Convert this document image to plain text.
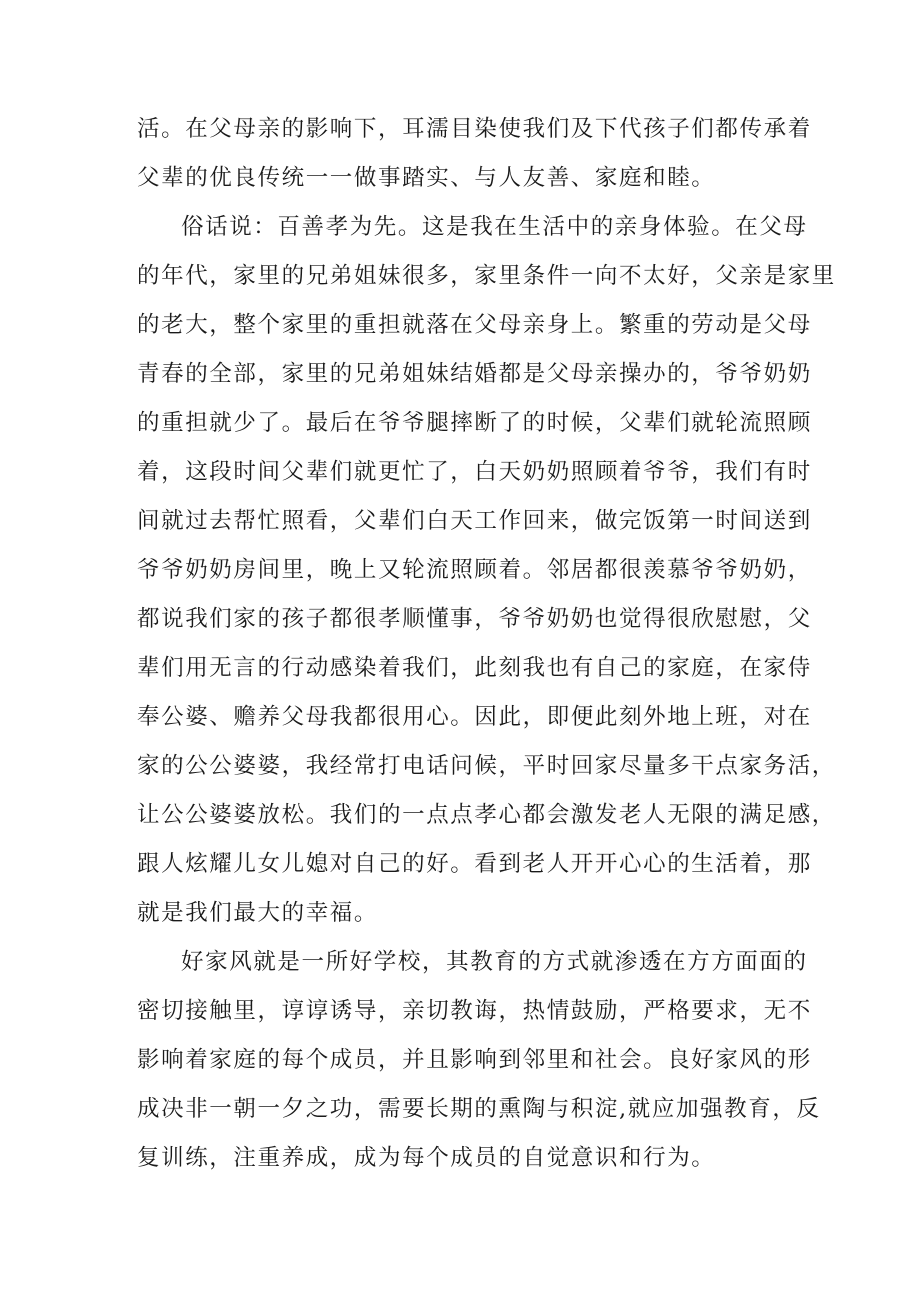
活。在父母亲的影响下，耳濡目染使我们及下代孩子们都传承着
父辈的优良传统一一做事踏实、与人友善、家庭和睦。
俗话说：百善孝为先。这是我在生活中的亲身体验。在父母
的年代，家里的兄弟姐妹很多，家里条件一向不太好，父亲是家里
的老大，整个家里的重担就落在父母亲身上。繁重的劳动是父母
青春的全部，家里的兄弟姐妹结婚都是父母亲操办的，爷爷奶奶
的重担就少了。最后在爷爷腿摔断了的时候，父辈们就轮流照顾
着，这段时间父辈们就更忙了，白天奶奶照顾着爷爷，我们有时
间就过去帮忙照看，父辈们白天工作回来，做完饭第一时间送到
爷爷奶奶房间里，晚上又轮流照顾着。邻居都很羡慕爷爷奶奶，
都说我们家的孩子都很孝顺懂事，爷爷奶奶也觉得很欣慰慰，父
辈们用无言的行动感染着我们，此刻我也有自己的家庭，在家侍
奉公婆、赡养父母我都很用心。因此，即便此刻外地上班，对在
家的公公婆婆，我经常打电话问候，平时回家尽量多干点家务活，
让公公婆婆放松。我们的一点点孝心都会激发老人无限的满足感，
跟人炫耀儿女儿媳对自己的好。看到老人开开心心的生活着，那
就是我们最大的幸福。
好家风就是一所好学校，其教育的方式就渗透在方方面面的
密切接触里，谆谆诱导，亲切教诲，热情鼓励，严格要求，无不
影响着家庭的每个成员，并且影响到邻里和社会。良好家风的形
成决非一朝一夕之功，需要长期的熏陶与积淀,就应加强教育，反
复训练，注重养成，成为每个成员的自觉意识和行为。
